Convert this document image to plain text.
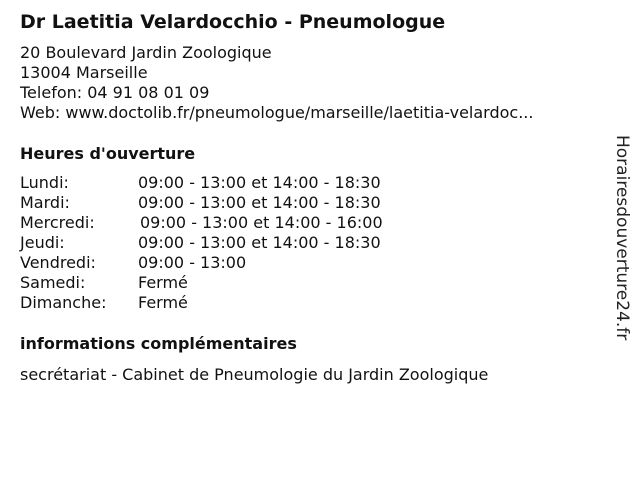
Dr Laetitia Velardocchio - Pneumologue
20 Boulevard Jardin Zoologique
13004 Marseille
Telefon: 04 91 08 01 09
Web: www.doctolib.fr/pneumologue/marseille/laetitia-velardoc...
Heures d'ouverture
Lundi:	09:00 - 13:00 et 14:00 - 18:30
Mardi:	09:00 - 13:00 et 14:00 - 18:30
Mercredi:	09:00 - 13:00 et 14:00 - 16:00
Jeudi:	09:00 - 13:00 et 14:00 - 18:30
Vendredi:	09:00 - 13:00
Samedi:	Fermé
Dimanche:	Fermé
informations complémentaires
secrétariat - Cabinet de Pneumologie du Jardin Zoologique
Horairesdouverture24.fr
